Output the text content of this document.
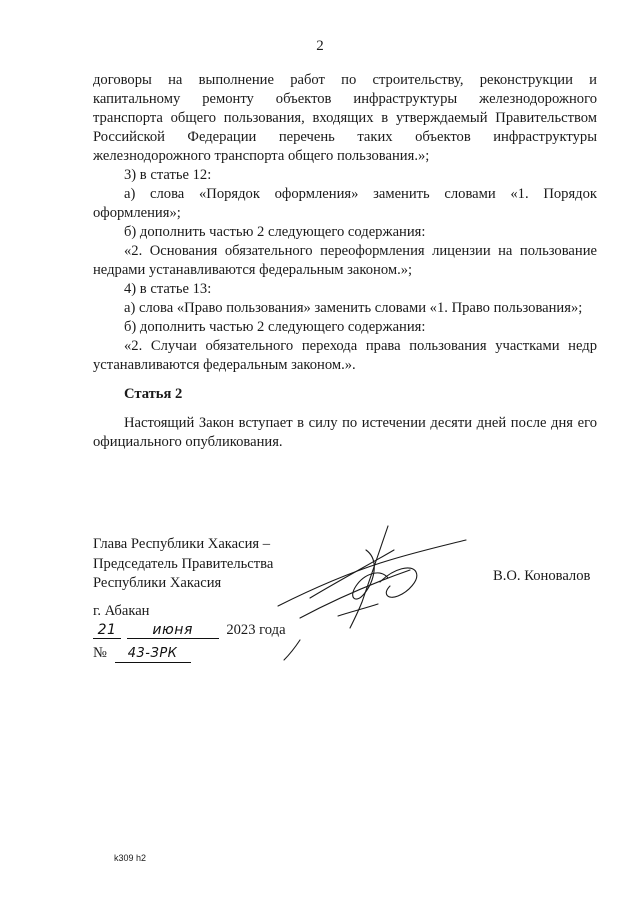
2

договоры на выполнение работ по строительству, реконструкции и капитальному ремонту объектов инфраструктуры железнодорожного транспорта общего пользования, входящих в утверждаемый Правительством Российской Федерации перечень таких объектов инфраструктуры железнодорожного транспорта общего пользования.»;

3) в статье 12:

а) слова «Порядок оформления» заменить словами «1. Порядок оформления»;

б) дополнить частью 2 следующего содержания:

«2. Основания обязательного переоформления лицензии на пользование недрами устанавливаются федеральным законом.»;

4) в статье 13:

а) слова «Право пользования» заменить словами «1. Право пользования»;

б) дополнить частью 2 следующего содержания:

«2. Случаи обязательного перехода права пользования участками недр устанавливаются федеральным законом.».

Статья 2

Настоящий Закон вступает в силу по истечении десяти дней после дня его официального опубликования.

Глава Республики Хакасия –
Председатель Правительства
Республики Хакасия	В.О. Коновалов
г. Абакан
21	июня 2023 года
№ 43-ЗРК
k309 h2
